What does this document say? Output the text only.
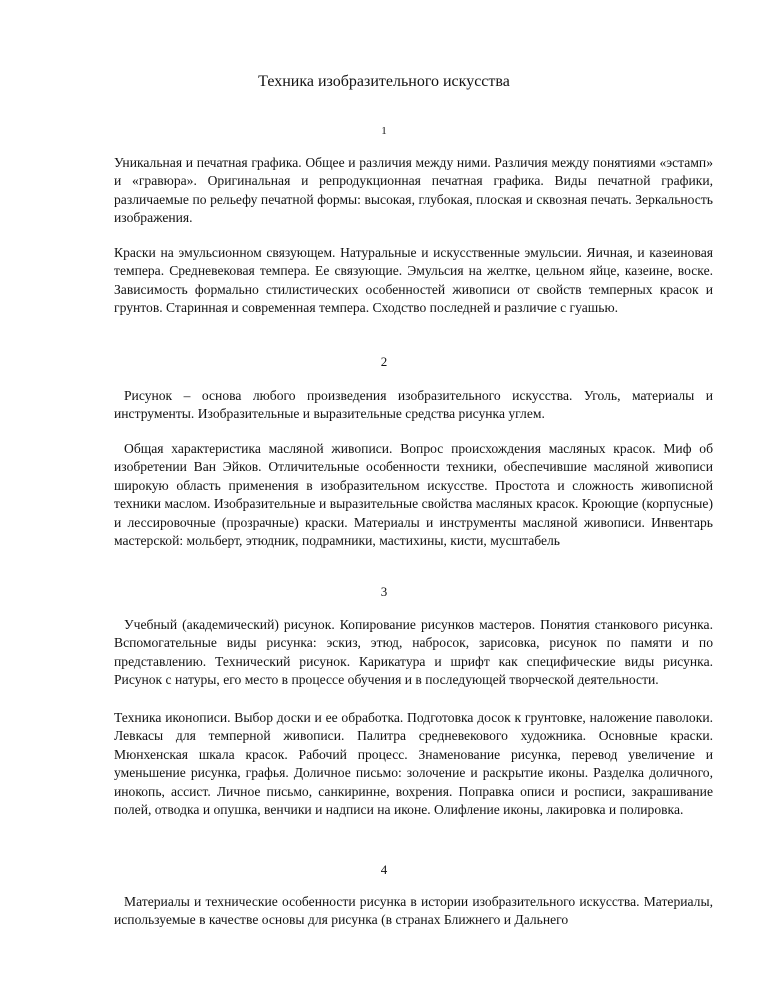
Техника изобразительного искусства
1

Уникальная и печатная графика. Общее и различия между ними. Различия между понятиями «эстамп» и «гравюра». Оригинальная и репродукционная печатная графика. Виды печатной графики, различаемые по рельефу печатной формы: высокая, глубокая, плоская и сквозная печать. Зеркальность изображения.

Краски на эмульсионном связующем. Натуральные и искусственные эмульсии. Яичная, и казеиновая темпера. Средневековая темпера. Ее связующие. Эмульсия на желтке, цельном яйце, казеине, воске. Зависимость формально стилистических особенностей живописи от свойств темперных красок и грунтов. Старинная и современная темпера. Сходство последней и различие с гуашью.

2

Рисунок – основа любого произведения изобразительного искусства. Уголь, материалы и инструменты. Изобразительные и выразительные средства рисунка углем.

Общая характеристика масляной живописи. Вопрос происхождения масляных красок. Миф об изобретении Ван Эйков. Отличительные особенности техники, обеспечившие масляной живописи широкую область применения в изобразительном искусстве. Простота и сложность живописной техники маслом. Изобразительные и выразительные свойства масляных красок. Кроющие (корпусные) и лессировочные (прозрачные) краски. Материалы и инструменты масляной живописи. Инвентарь мастерской: мольберт, этюдник, подрамники, мастихины, кисти, мусштабель

3

Учебный (академический) рисунок. Копирование рисунков мастеров. Понятия станкового рисунка. Вспомогательные виды рисунка: эскиз, этюд, набросок, зарисовка, рисунок по памяти и по представлению. Технический рисунок. Карикатура и шрифт как специфические виды рисунка. Рисунок с натуры, его место в процессе обучения и в последующей творческой деятельности.

Техника иконописи. Выбор доски и ее обработка. Подготовка досок к грунтовке, наложение паволоки. Левкасы для темперной живописи. Палитра средневекового художника. Основные краски. Мюнхенская шкала красок. Рабочий процесс. Знаменование рисунка, перевод увеличение и уменьшение рисунка, графья. Доличное письмо: золочение и раскрытие иконы. Разделка доличного, инокопь, ассист. Личное письмо, санкиринне, вохрения. Поправка описи и росписи, закрашивание полей, отводка и опушка, венчики и надписи на иконе. Олифление иконы, лакировка и полировка.

4

Материалы и технические особенности рисунка в истории изобразительного искусства. Материалы, используемые в качестве основы для рисунка (в странах Ближнего и Дальнего
